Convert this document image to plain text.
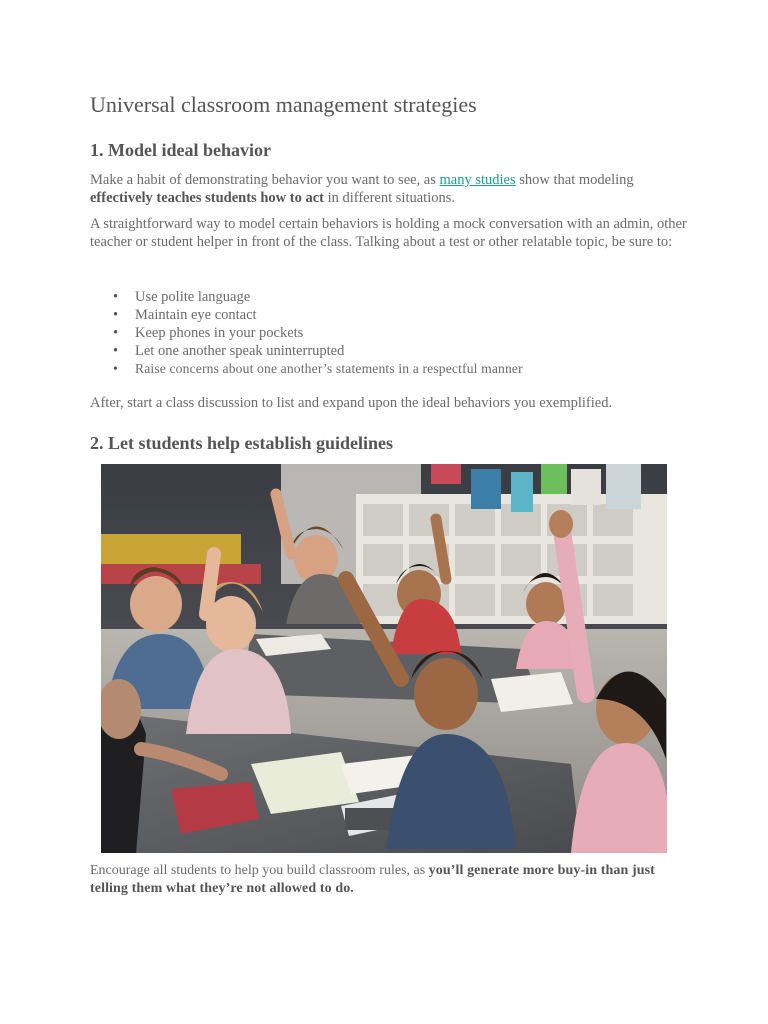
Universal classroom management strategies
1. Model ideal behavior

Make a habit of demonstrating behavior you want to see, as many studies show that modeling effectively teaches students how to act in different situations.

A straightforward way to model certain behaviors is holding a mock conversation with an admin, other teacher or student helper in front of the class. Talking about a test or other relatable topic, be sure to:

• Use polite language
• Maintain eye contact
• Keep phones in your pockets
• Let one another speak uninterrupted
• Raise concerns about one another’s statements in a respectful manner

After, start a class discussion to list and expand upon the ideal behaviors you exemplified.

2. Let students help establish guidelines

Encourage all students to help you build classroom rules, as you’ll generate more buy-in than just telling them what they’re not allowed to do.
